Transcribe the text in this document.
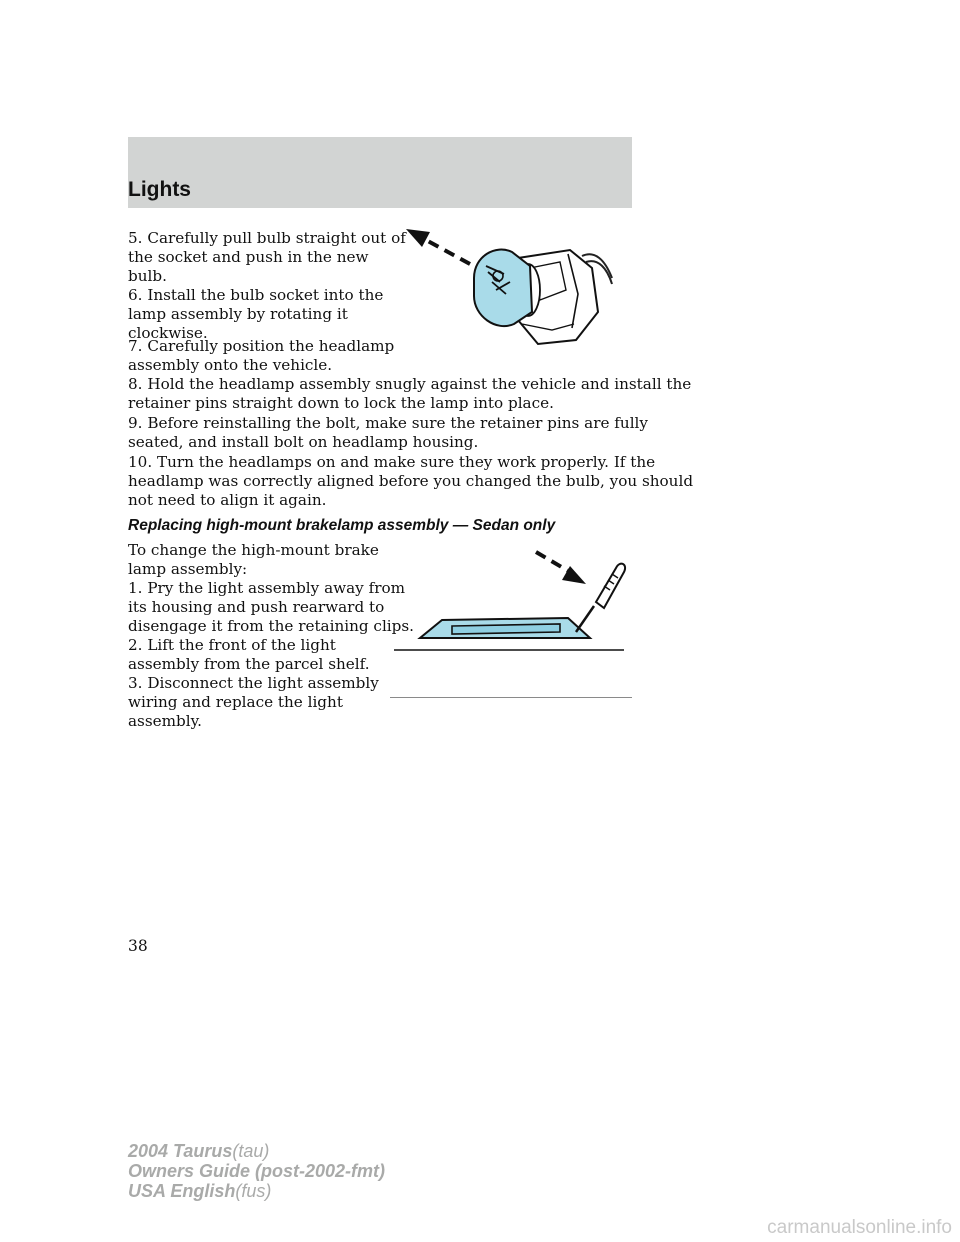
Lights

5. Carefully pull bulb straight out of
the socket and push in the new
bulb.

6. Install the bulb socket into the
lamp assembly by rotating it
clockwise.

7. Carefully position the headlamp
assembly onto the vehicle.

8. Hold the headlamp assembly snugly against the vehicle and install the
retainer pins straight down to lock the lamp into place.

9. Before reinstalling the bolt, make sure the retainer pins are fully
seated, and install bolt on headlamp housing.

10. Turn the headlamps on and make sure they work properly. If the
headlamp was correctly aligned before you changed the bulb, you should
not need to align it again.

Replacing high-mount brakelamp assembly — Sedan only

To change the high-mount brake
lamp assembly:

1. Pry the light assembly away from
its housing and push rearward to
disengage it from the retaining clips.

2. Lift the front of the light
assembly from the parcel shelf.

3. Disconnect the light assembly
wiring and replace the light
assembly.

38
2004 Taurus(tau)
Owners Guide (post-2002-fmt)
USA English(fus)
carmanualsonline.info
